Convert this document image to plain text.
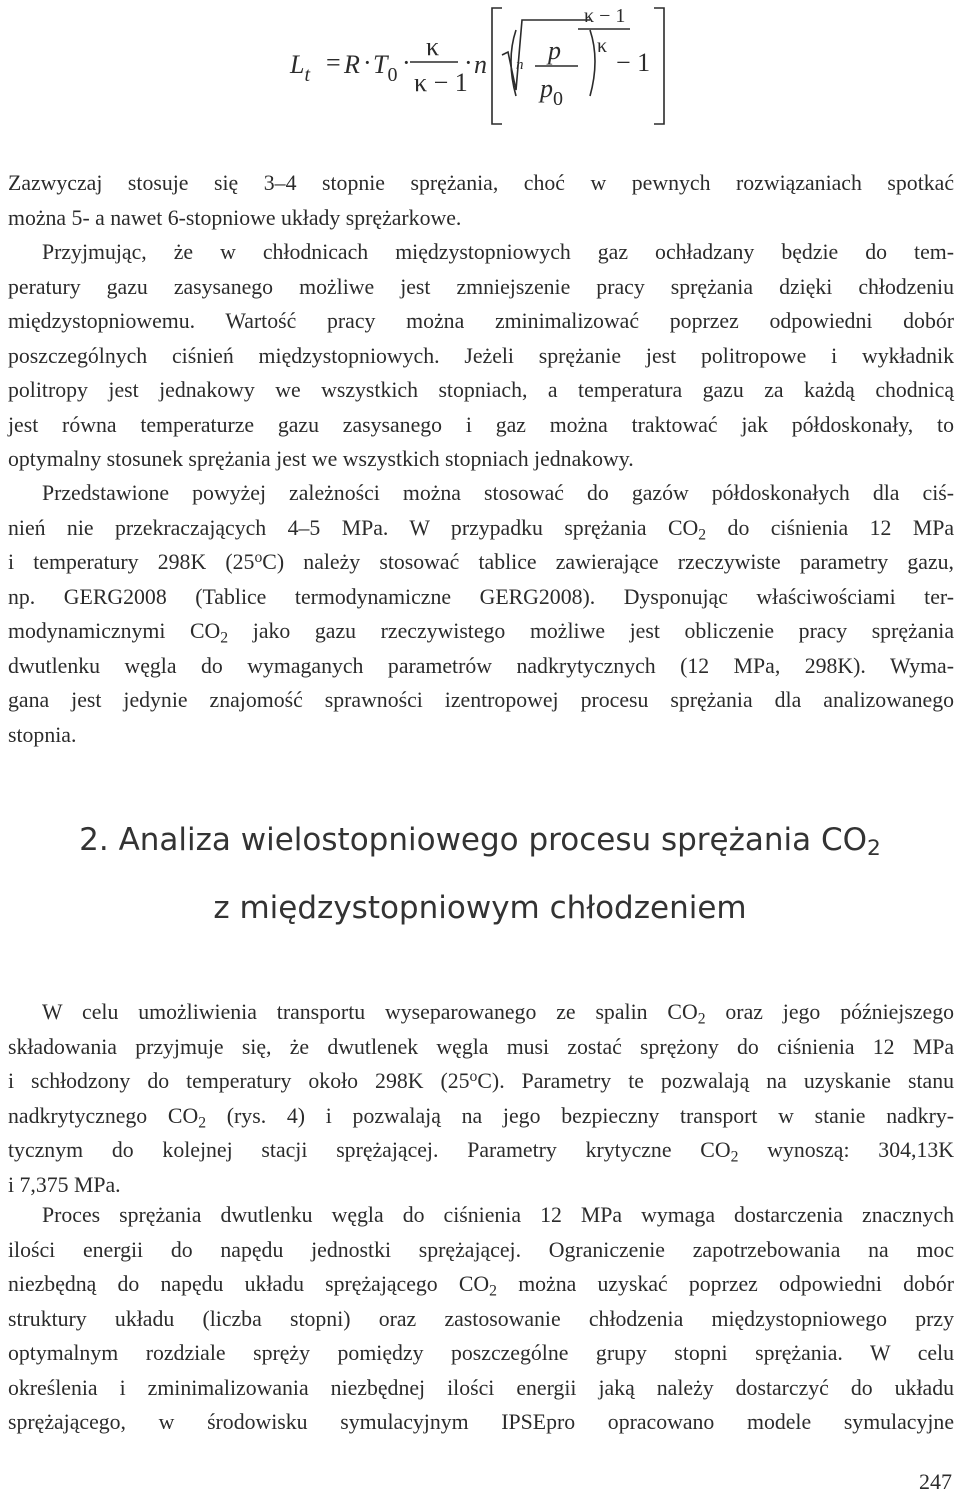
$L_t = R \cdot T_0$ ·
κ
κ − 1
· n n p
$p_0$
κ − 1
κ
− 1
Zazwyczaj stosuje się 3–4 stopnie sprężania, choć w pewnych rozwiązaniach spotkać
można 5- a nawet 6-stopniowe układy sprężarkowe.
Przyjmując, że w chłodnicach międzystopniowych gaz ochładzany będzie do tem-
peratury gazu zasysanego możliwe jest zmniejszenie pracy sprężania dzięki chłodzeniu
międzystopniowemu. Wartość pracy można zminimalizować poprzez odpowiedni dobór
poszczególnych ciśnień międzystopniowych. Jeżeli sprężanie jest politropowe i wykładnik
politropy jest jednakowy we wszystkich stopniach, a temperatura gazu za każdą chodnicą
jest równa temperaturze gazu zasysanego i gaz można traktować jak półdoskonały, to
optymalny stosunek sprężania jest we wszystkich stopniach jednakowy.
Przedstawione powyżej zależności można stosować do gazów półdoskonałych dla ciś-
nień nie przekraczających 4–5 MPa. W przypadku sprężania $CO_2$ do ciśnienia 12 MPa
i temperatury 298K (25$^o$C) należy stosować tablice zawierające rzeczywiste parametry gazu,
np. GERG2008 (Tablice termodynamiczne GERG2008). Dysponując właściwościami ter-
modynamicznymi $CO_2$ jako gazu rzeczywistego możliwe jest obliczenie pracy sprężania
dwutlenku węgla do wymaganych parametrów nadkrytycznych (12 MPa, 298K). Wyma-
gana jest jedynie znajomość sprawności izentropowej procesu sprężania dla analizowanego
stopnia.
2. Analiza wielostopniowego procesu sprężania CO2
z międzystopniowym chłodzeniem
W celu umożliwienia transportu wyseparowanego ze spalin $CO_2$ oraz jego późniejszego
składowania przyjmuje się, że dwutlenek węgla musi zostać sprężony do ciśnienia 12 MPa
i schłodzony do temperatury około 298K (25$^o$C). Parametry te pozwalają na uzyskanie stanu
nadkrytycznego $CO_2$ (rys. 4) i pozwalają na jego bezpieczny transport w stanie nadkry-
tycznym do kolejnej stacji sprężającej. Parametry krytyczne $CO_2$ wynoszą: 304,13K
i 7,375 MPa.
Proces sprężania dwutlenku węgla do ciśnienia 12 MPa wymaga dostarczenia znacznych
ilości energii do napędu jednostki sprężającej. Ograniczenie zapotrzebowania na moc
niezbędną do napędu układu sprężającego $CO_2$ można uzyskać poprzez odpowiedni dobór
struktury układu (liczba stopni) oraz zastosowanie chłodzenia międzystopniowego przy
optymalnym rozdziale spręży pomiędzy poszczególne grupy stopni sprężania. W celu
określenia i zminimalizowania niezbędnej ilości energii jaką należy dostarczyć do układu
sprężającego, w środowisku symulacyjnym IPSEpro opracowano modele symulacyjne
247
